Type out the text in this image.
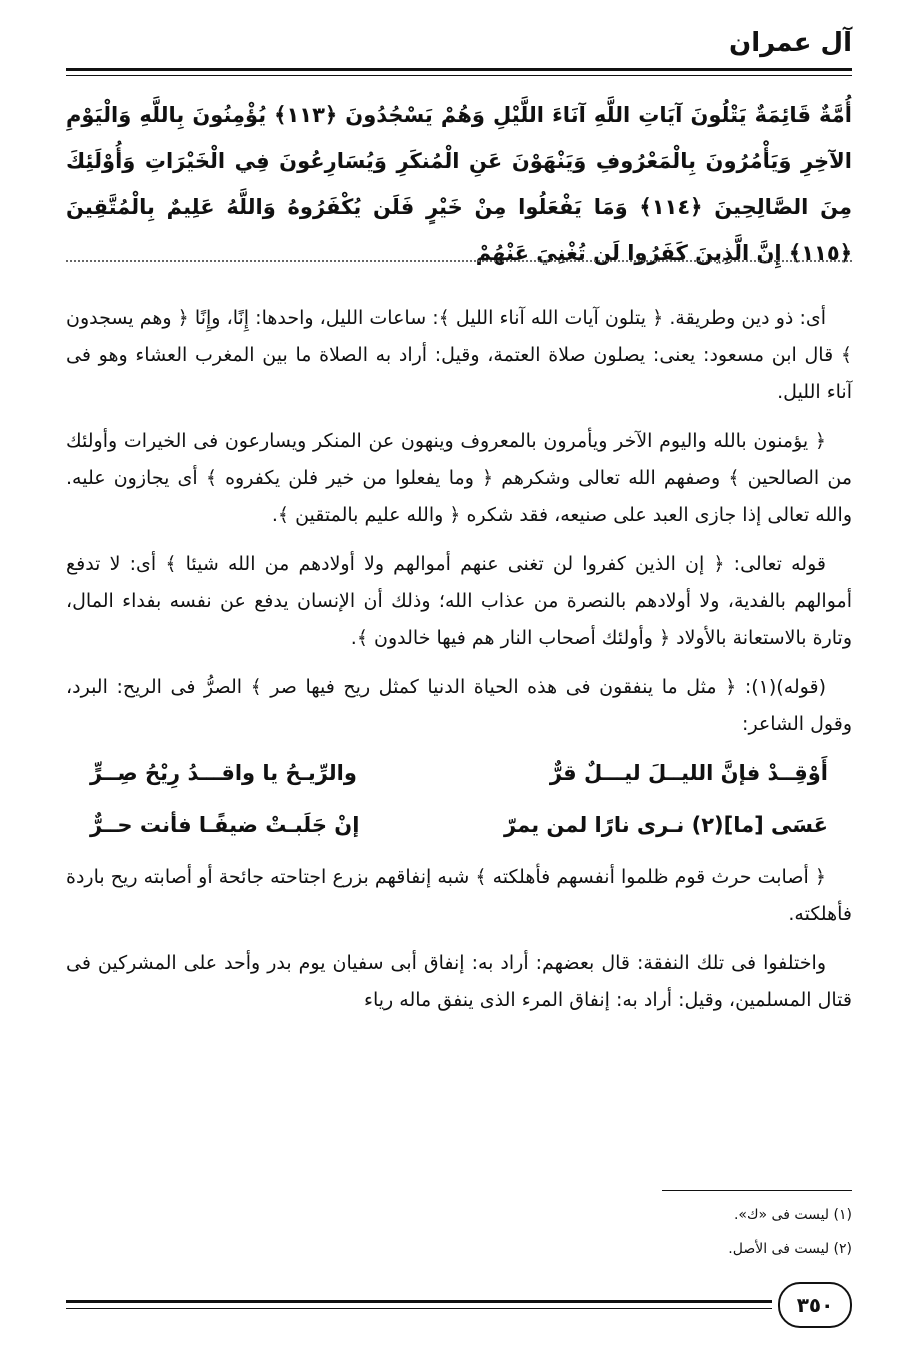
آل عمران
أُمَّةٌ قَائِمَةٌ يَتْلُونَ آيَاتِ اللَّهِ آنَاءَ اللَّيْلِ وَهُمْ يَسْجُدُونَ ﴿١١٣﴾ يُؤْمِنُونَ بِاللَّهِ وَالْيَوْمِ الآخِرِ وَيَأْمُرُونَ بِالْمَعْرُوفِ وَيَنْهَوْنَ عَنِ الْمُنكَرِ وَيُسَارِعُونَ فِي الْخَيْرَاتِ وَأُوْلَئِكَ مِنَ الصَّالِحِينَ ﴿١١٤﴾ وَمَا يَفْعَلُوا مِنْ خَيْرٍ فَلَن يُكْفَرُوهُ وَاللَّهُ عَلِيمٌ بِالْمُتَّقِينَ ﴿١١٥﴾ إِنَّ الَّذِينَ كَفَرُوا لَن تُغْنِيَ عَنْهُمْ

أى: ذو دين وطريقة. ﴿ يتلون آيات الله آناء الليل ﴾: ساعات الليل، واحدها: إِنًا، وإِنًا ﴿ وهم يسجدون ﴾ قال ابن مسعود: يعنى: يصلون صلاة العتمة، وقيل: أراد به الصلاة ما بين المغرب العشاء وهو فى آناء الليل.

﴿ يؤمنون بالله واليوم الآخر ويأمرون بالمعروف وينهون عن المنكر ويسارعون فى الخيرات وأولئك من الصالحين ﴾ وصفهم الله تعالى وشكرهم ﴿ وما يفعلوا من خير فلن يكفروه ﴾ أى يجازون عليه. والله تعالى إذا جازى العبد على صنيعه، فقد شكره ﴿ والله عليم بالمتقين ﴾.

قوله تعالى: ﴿ إن الذين كفروا لن تغنى عنهم أموالهم ولا أولادهم من الله شيئا ﴾ أى: لا تدفع أموالهم بالفدية، ولا أولادهم بالنصرة من عذاب الله؛ وذلك أن الإنسان يدفع عن نفسه بفداء المال، وتارة بالاستعانة بالأولاد ﴿ وأولئك أصحاب النار هم فيها خالدون ﴾.

(قوله)(١): ﴿ مثل ما ينفقون فى هذه الحياة الدنيا كمثل ريح فيها صر ﴾ الصرُّ فى الريح: البرد، وقول الشاعر:

أَوْقِــدْ فإنَّ الليــلَ ليـــلٌ قرٌّ
والرِّيـحُ يا واقـــدُ رِيْحُ صِــرٍّ
عَسَى [ما](٢) نـرى نارًا لمن يمرّ
إنْ جَلَبـتْ ضيفًـا فأنت حــرٌّ

﴿ أصابت حرث قوم ظلموا أنفسهم فأهلكته ﴾ شبه إنفاقهم بزرع اجتاحته جائحة أو أصابته ريح باردة فأهلكته.

واختلفوا فى تلك النفقة: قال بعضهم: أراد به: إنفاق أبى سفيان يوم بدر وأحد على المشركين فى قتال المسلمين، وقيل: أراد به: إنفاق المرء الذى ينفق ماله رياء

(١) ليست فى «ك».
(٢) ليست فى الأصل.
٣٥٠
